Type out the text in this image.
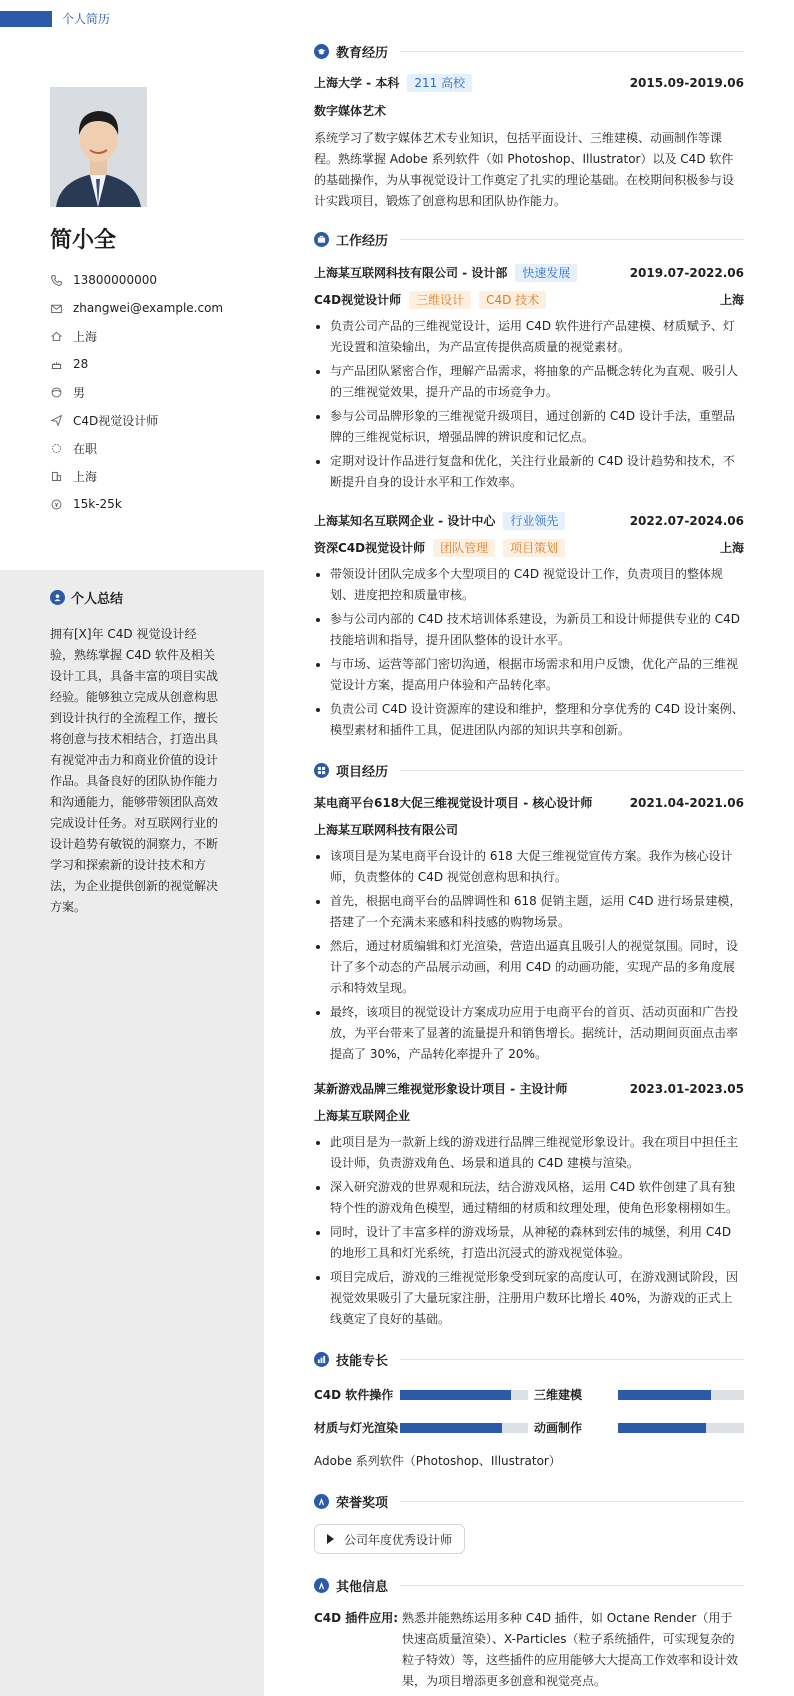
个人简历
简小全
13800000000
zhangwei@example.com
上海
28
男
C4D视觉设计师
在职
上海
15k-25k
个人总结
拥有[X]年 C4D 视觉设计经验，熟练掌握 C4D 软件及相关设计工具，具备丰富的项目实战经验。能够独立完成从创意构思到设计执行的全流程工作，擅长将创意与技术相结合，打造出具有视觉冲击力和商业价值的设计作品。具备良好的团队协作能力和沟通能力，能够带领团队高效完成设计任务。对互联网行业的设计趋势有敏锐的洞察力，不断学习和探索新的设计技术和方法，为企业提供创新的视觉解决方案。
教育经历
上海大学 - 本科	211 高校	2015.09-2019.06
数字媒体艺术
系统学习了数字媒体艺术专业知识，包括平面设计、三维建模、动画制作等课程。熟练掌握 Adobe 系列软件（如 Photoshop、Illustrator）以及 C4D 软件的基础操作，为从事视觉设计工作奠定了扎实的理论基础。在校期间积极参与设计实践项目，锻炼了创意构思和团队协作能力。
工作经历
上海某互联网科技有限公司 - 设计部	快速发展	2019.07-2022.06
C4D视觉设计师	三维设计	C4D 技术	上海
负责公司产品的三维视觉设计，运用 C4D 软件进行产品建模、材质赋予、灯光设置和渲染输出，为产品宣传提供高质量的视觉素材。
与产品团队紧密合作，理解产品需求，将抽象的产品概念转化为直观、吸引人的三维视觉效果，提升产品的市场竞争力。
参与公司品牌形象的三维视觉升级项目，通过创新的 C4D 设计手法，重塑品牌的三维视觉标识，增强品牌的辨识度和记忆点。
定期对设计作品进行复盘和优化，关注行业最新的 C4D 设计趋势和技术，不断提升自身的设计水平和工作效率。
上海某知名互联网企业 - 设计中心	行业领先	2022.07-2024.06
资深C4D视觉设计师	团队管理	项目策划	上海
带领设计团队完成多个大型项目的 C4D 视觉设计工作，负责项目的整体规划、进度把控和质量审核。
参与公司内部的 C4D 技术培训体系建设，为新员工和设计师提供专业的 C4D 技能培训和指导，提升团队整体的设计水平。
与市场、运营等部门密切沟通，根据市场需求和用户反馈，优化产品的三维视觉设计方案，提高用户体验和产品转化率。
负责公司 C4D 设计资源库的建设和维护，整理和分享优秀的 C4D 设计案例、模型素材和插件工具，促进团队内部的知识共享和创新。
项目经历
某电商平台618大促三维视觉设计项目 - 核心设计师	2021.04-2021.06
上海某互联网科技有限公司
该项目是为某电商平台设计的 618 大促三维视觉宣传方案。我作为核心设计师，负责整体的 C4D 视觉创意构思和执行。
首先，根据电商平台的品牌调性和 618 促销主题，运用 C4D 进行场景建模，搭建了一个充满未来感和科技感的购物场景。
然后，通过材质编辑和灯光渲染，营造出逼真且吸引人的视觉氛围。同时，设计了多个动态的产品展示动画，利用 C4D 的动画功能，实现产品的多角度展示和特效呈现。
最终，该项目的视觉设计方案成功应用于电商平台的首页、活动页面和广告投放，为平台带来了显著的流量提升和销售增长。据统计，活动期间页面点击率提高了 30%，产品转化率提升了 20%。
某新游戏品牌三维视觉形象设计项目 - 主设计师	2023.01-2023.05
上海某互联网企业
此项目是为一款新上线的游戏进行品牌三维视觉形象设计。我在项目中担任主设计师，负责游戏角色、场景和道具的 C4D 建模与渲染。
深入研究游戏的世界观和玩法，结合游戏风格，运用 C4D 软件创建了具有独特个性的游戏角色模型，通过精细的材质和纹理处理，使角色形象栩栩如生。
同时，设计了丰富多样的游戏场景，从神秘的森林到宏伟的城堡，利用 C4D 的地形工具和灯光系统，打造出沉浸式的游戏视觉体验。
项目完成后，游戏的三维视觉形象受到玩家的高度认可，在游戏测试阶段，因视觉效果吸引了大量玩家注册，注册用户数环比增长 40%，为游戏的正式上线奠定了良好的基础。
技能专长
C4D 软件操作	三维建模
材质与灯光渲染	动画制作
Adobe 系列软件（Photoshop、Illustrator）
荣誉奖项
公司年度优秀设计师
其他信息
C4D 插件应用: 熟悉并能熟练运用多种 C4D 插件，如 Octane Render（用于快速高质量渲染）、X-Particles（粒子系统插件，可实现复杂的粒子特效）等，这些插件的应用能够大大提高工作效率和设计效果，为项目增添更多创意和视觉亮点。
